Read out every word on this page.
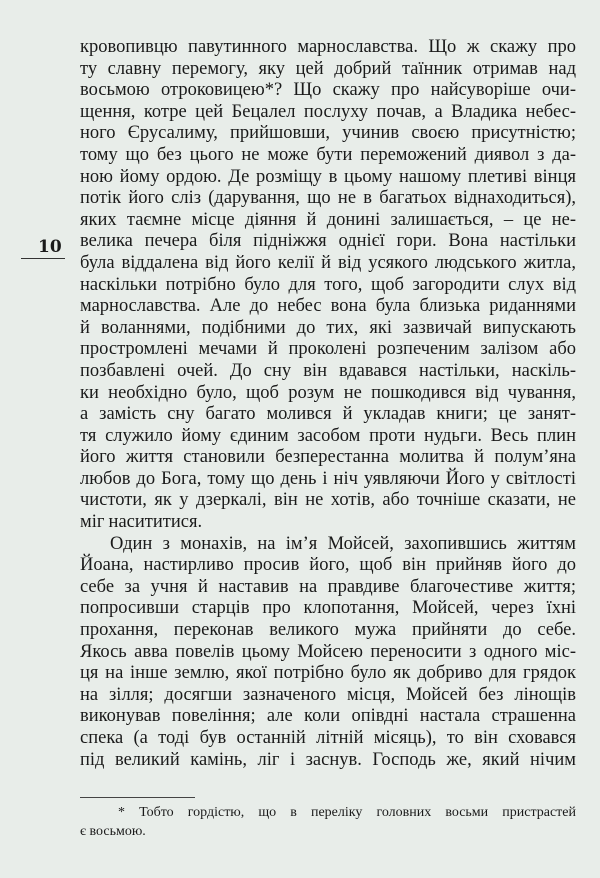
10
кровопивцю павутинного марнославства. Що ж скажу про
ту славну перемогу, яку цей добрий таїнник отримав над
восьмою отроковицею*? Що скажу про найсуворіше очи-
щення, котре цей Бецалел послуху почав, а Владика небес-
ного Єрусалиму, прийшовши, учинив своєю присутністю;
тому що без цього не може бути переможений диявол з да-
ною йому ордою. Де розміщу в цьому нашому плетиві вінця
потік його сліз (дарування, що не в багатьох віднаходиться),
яких таємне місце діяння й донині залишається, – це не-
велика печера біля підніжжя однієї гори. Вона настільки
була віддалена від його келії й від усякого людського житла,
наскільки потрібно було для того, щоб загородити слух від
марнославства. Але до небес вона була близька риданнями
й воланнями, подібними до тих, які зазвичай випускають
простромлені мечами й проколені розпеченим залізом або
позбавлені очей. До сну він вдавався настільки, наскіль-
ки необхідно було, щоб розум не пошкодився від чування,
а замість сну багато молився й укладав книги; це занят-
тя служило йому єдиним засобом проти нудьги. Весь плин
його життя становили безперестанна молитва й полум’яна
любов до Бога, тому що день і ніч уявляючи Його у світлості
чистоти, як у дзеркалі, він не хотів, або точніше сказати, не
міг насититися.
Один з монахів, на ім’я Мойсей, захопившись життям
Йоана, настирливо просив його, щоб він прийняв його до
себе за учня й наставив на правдиве благочестиве життя;
попросивши старців про клопотання, Мойсей, через їхні
прохання, переконав великого мужа прийняти до себе.
Якось авва повелів цьому Мойсею переносити з одного міс-
ця на інше землю, якої потрібно було як добриво для грядок
на зілля; досягши зазначеного місця, Мойсей без лінощів
виконував повеління; але коли опівдні настала страшенна
спека (а тоді був останній літній місяць), то він сховався
під великий камінь, ліг і заснув. Господь же, який нічим
* Тобто гордістю, що в переліку головних восьми пристрастей
є восьмою.
